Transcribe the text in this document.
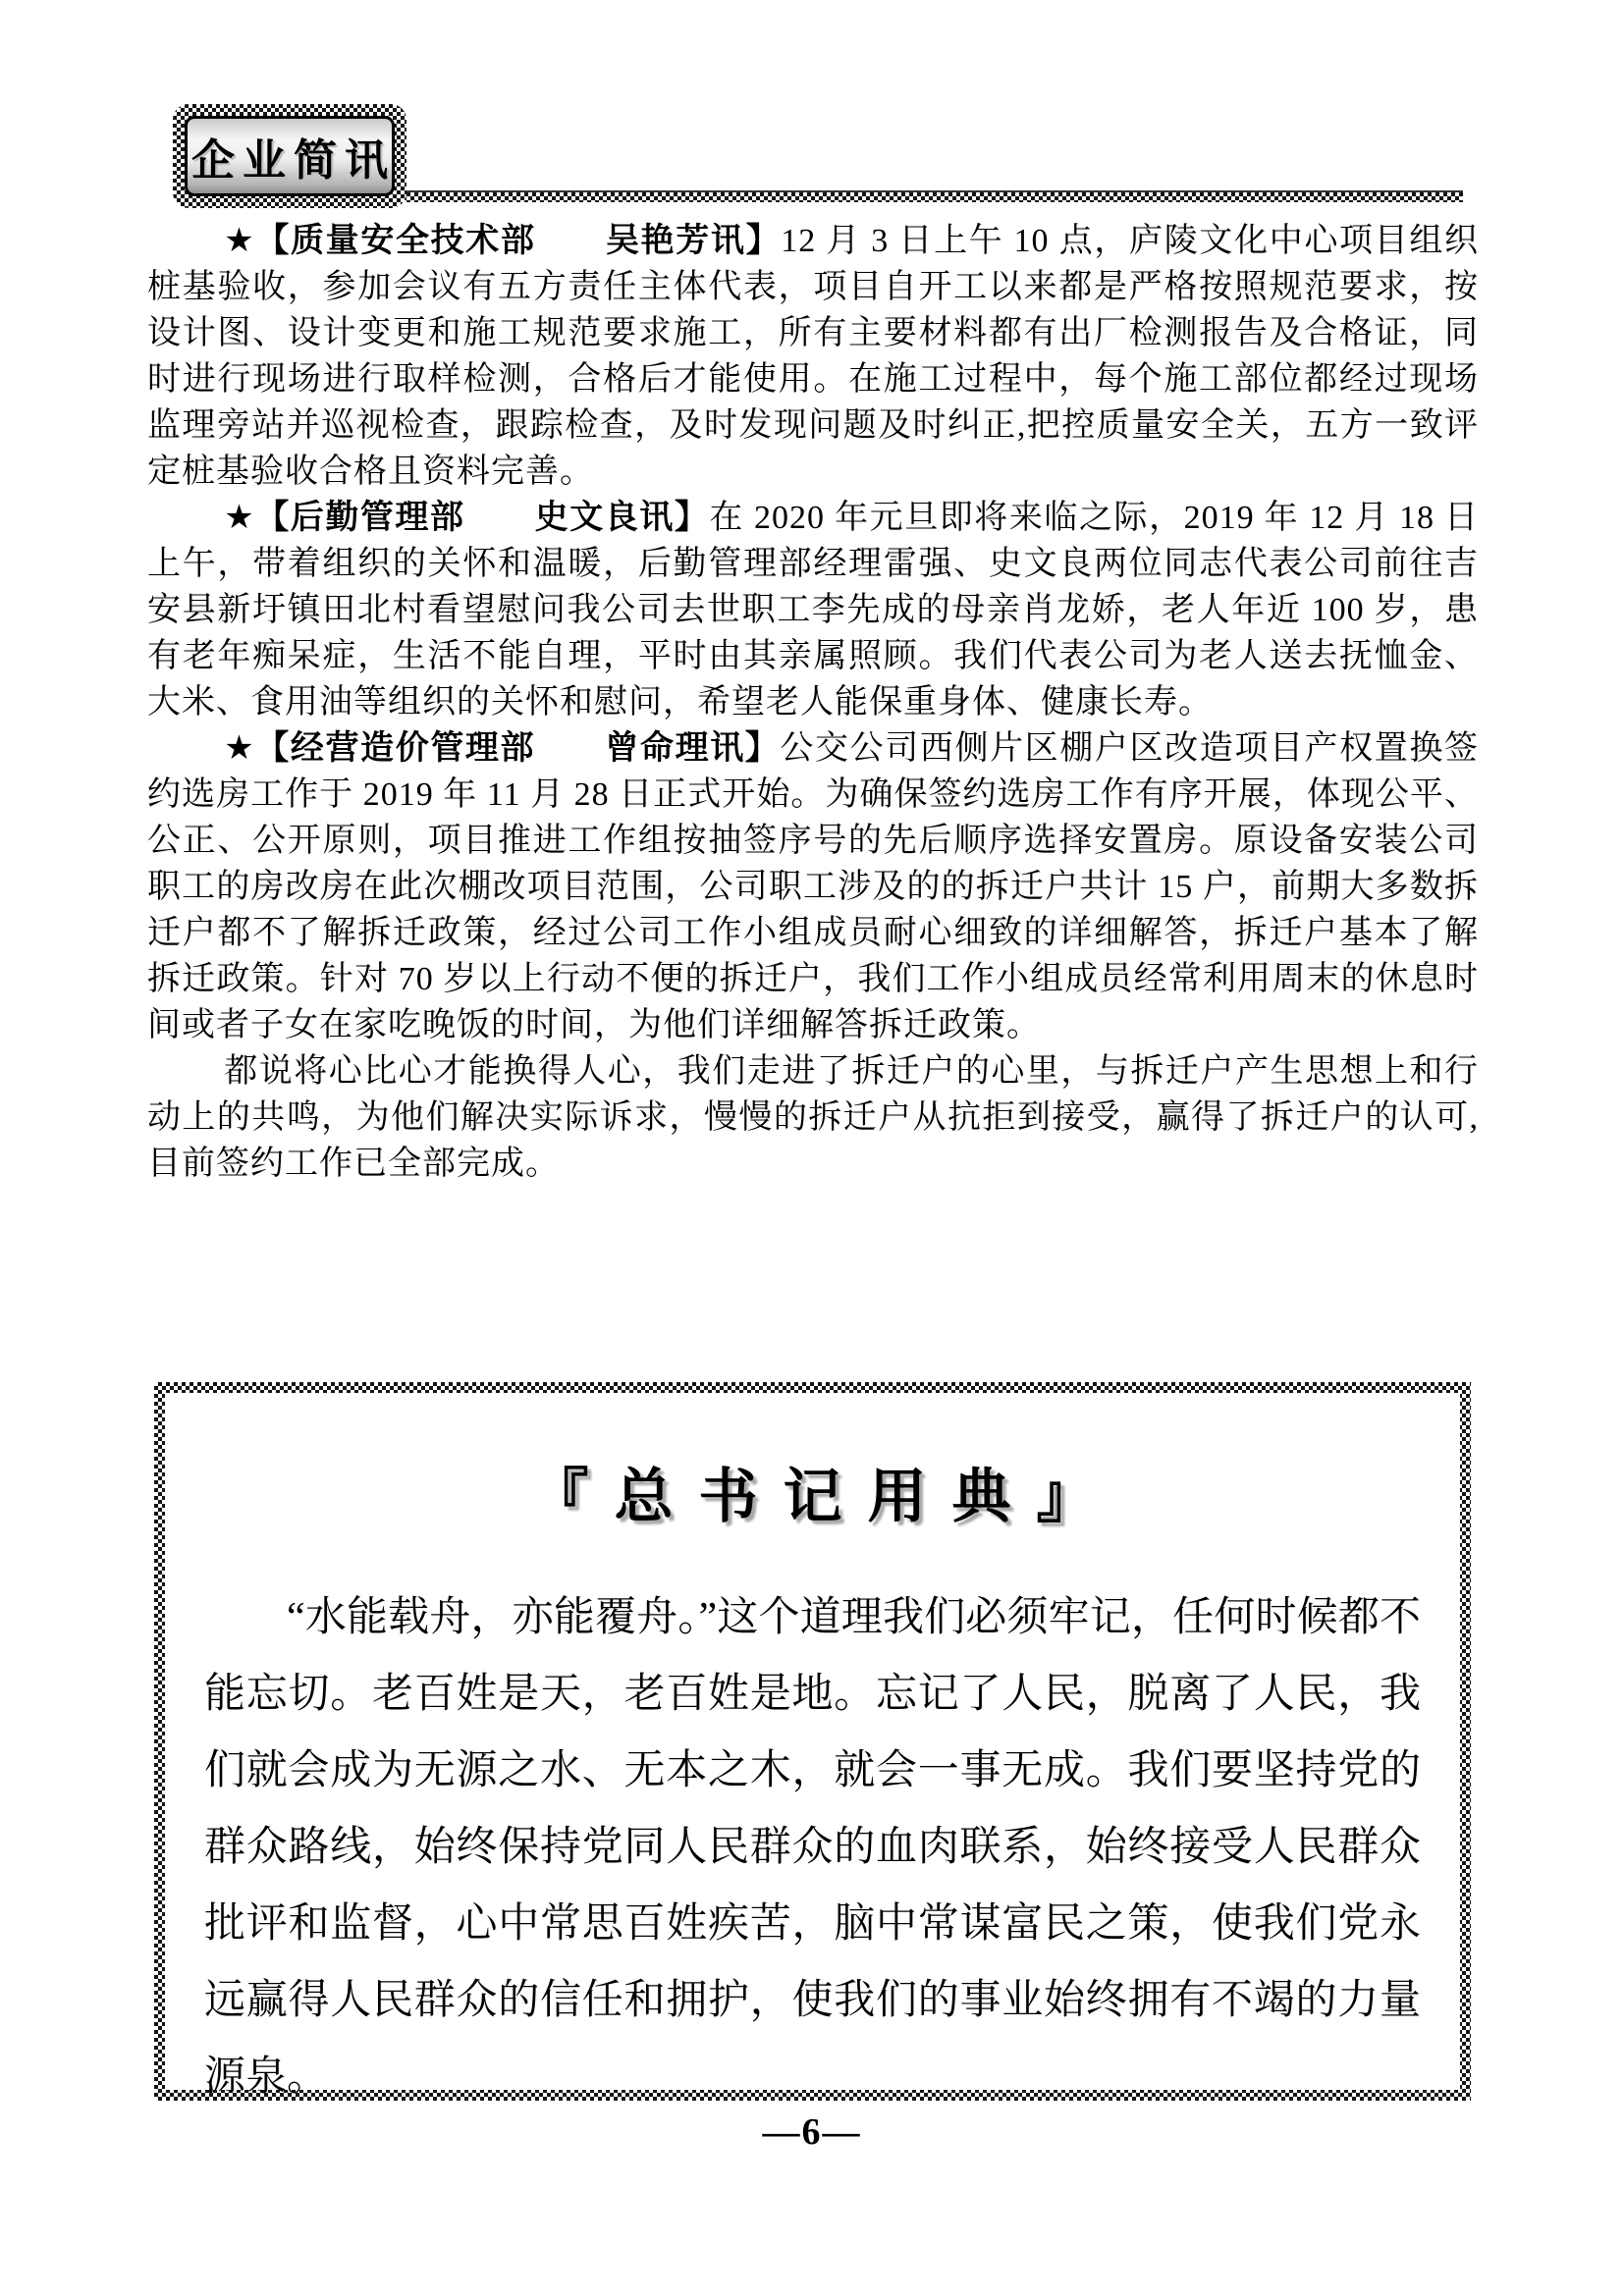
企业简讯

★【质量安全技术部　　吴艳芳讯】12 月 3 日上午 10 点，庐陵文化中心项目组织桩基验收，参加会议有五方责任主体代表，项目自开工以来都是严格按照规范要求，按设计图、设计变更和施工规范要求施工，所有主要材料都有出厂检测报告及合格证，同时进行现场进行取样检测，合格后才能使用。在施工过程中，每个施工部位都经过现场监理旁站并巡视检查，跟踪检查，及时发现问题及时纠正,把控质量安全关，五方一致评定桩基验收合格且资料完善。

★【后勤管理部　　史文良讯】在 2020 年元旦即将来临之际，2019 年 12 月 18 日上午，带着组织的关怀和温暖，后勤管理部经理雷强、史文良两位同志代表公司前往吉安县新圩镇田北村看望慰问我公司去世职工李先成的母亲肖龙娇，老人年近 100 岁，患有老年痴呆症，生活不能自理，平时由其亲属照顾。我们代表公司为老人送去抚恤金、大米、食用油等组织的关怀和慰问，希望老人能保重身体、健康长寿。

★【经营造价管理部　　曾命理讯】公交公司西侧片区棚户区改造项目产权置换签约选房工作于 2019 年 11 月 28 日正式开始。为确保签约选房工作有序开展，体现公平、公正、公开原则，项目推进工作组按抽签序号的先后顺序选择安置房。原设备安装公司职工的房改房在此次棚改项目范围，公司职工涉及的的拆迁户共计 15 户，前期大多数拆迁户都不了解拆迁政策，经过公司工作小组成员耐心细致的详细解答，拆迁户基本了解拆迁政策。针对 70 岁以上行动不便的拆迁户，我们工作小组成员经常利用周末的休息时间或者子女在家吃晚饭的时间，为他们详细解答拆迁政策。

都说将心比心才能换得人心，我们走进了拆迁户的心里，与拆迁户产生思想上和行动上的共鸣，为他们解决实际诉求，慢慢的拆迁户从抗拒到接受，赢得了拆迁户的认可,目前签约工作已全部完成。

『总书记用典』

“水能载舟，亦能覆舟。”这个道理我们必须牢记，任何时候都不能忘切。老百姓是天，老百姓是地。忘记了人民，脱离了人民，我们就会成为无源之水、无本之木，就会一事无成。我们要坚持党的群众路线，始终保持党同人民群众的血肉联系，始终接受人民群众批评和监督，心中常思百姓疾苦，脑中常谋富民之策，使我们党永远赢得人民群众的信任和拥护，使我们的事业始终拥有不竭的力量源泉。

—6—
